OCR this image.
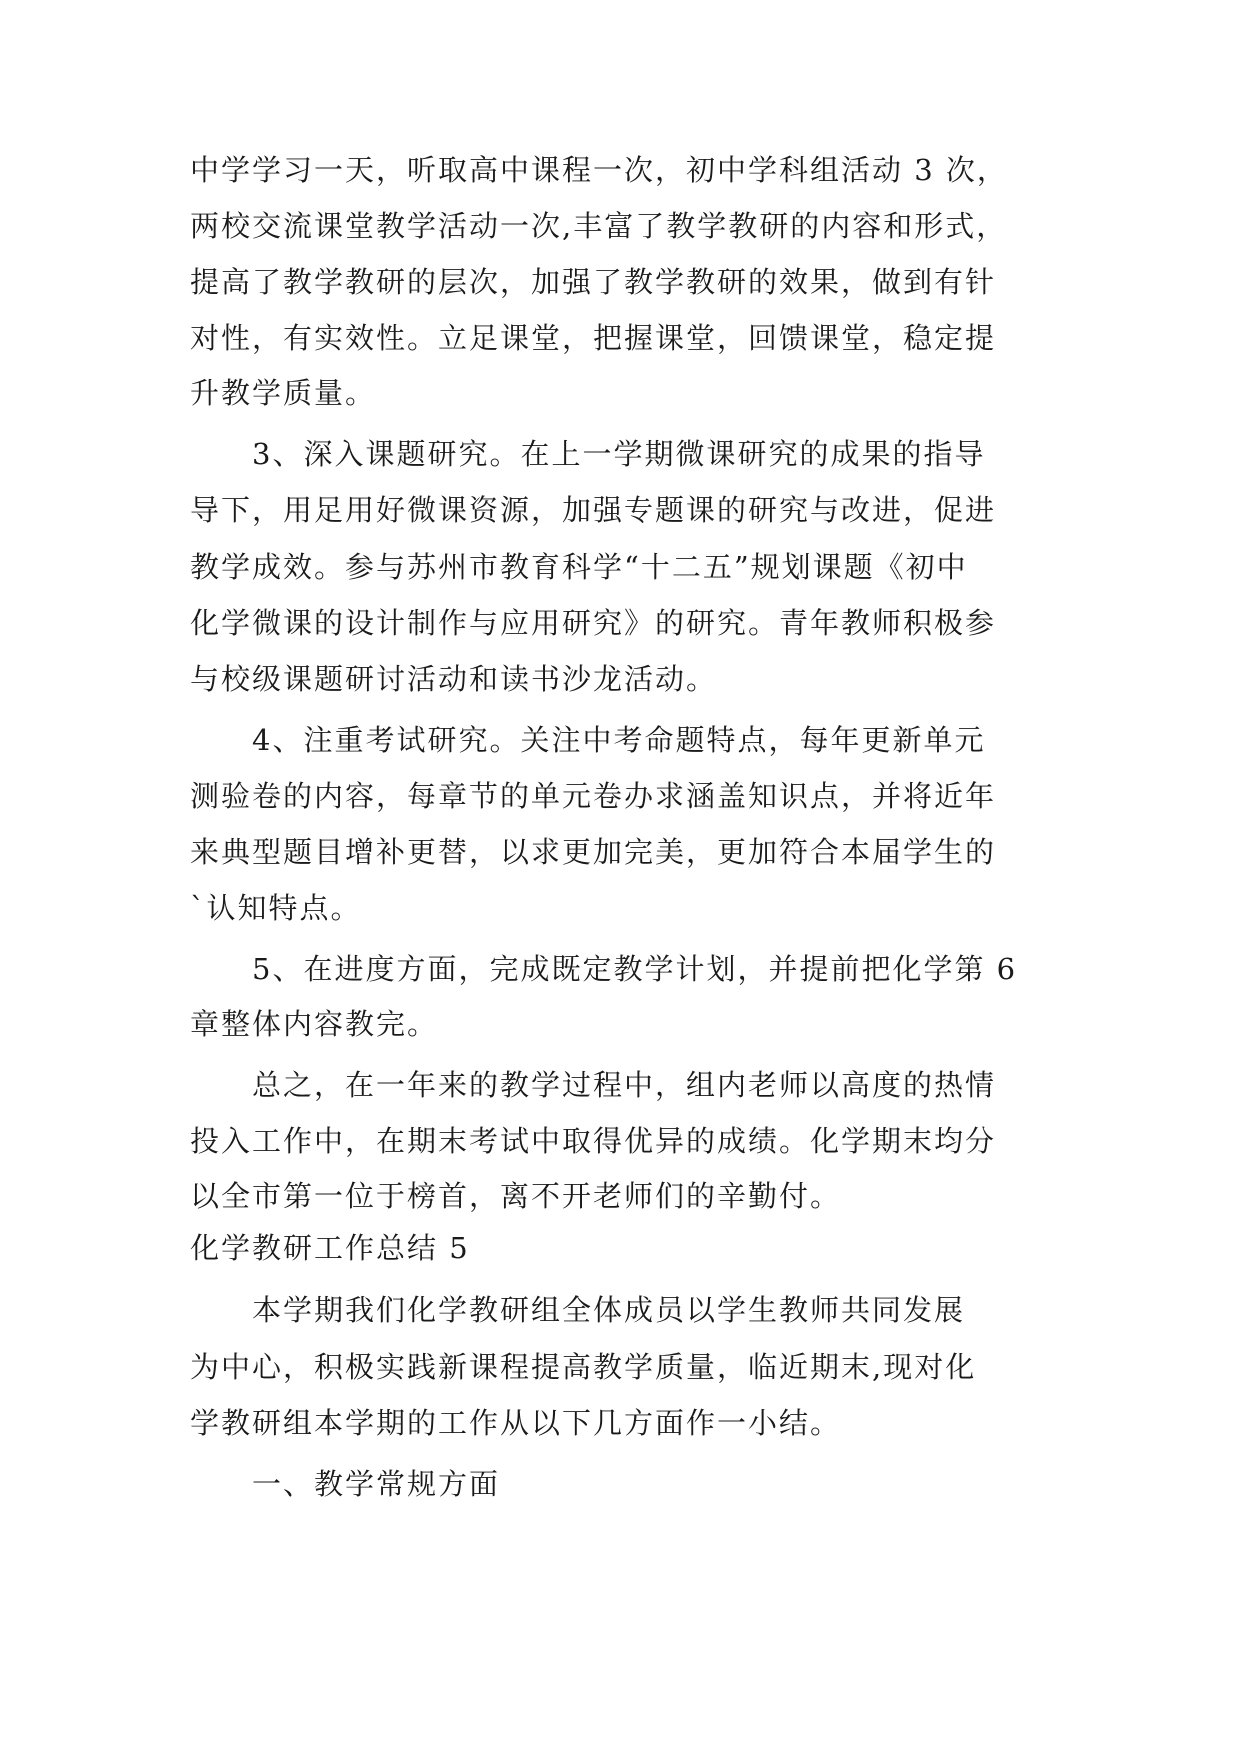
中学学习一天，听取高中课程一次，初中学科组活动 3 次，
两校交流课堂教学活动一次,丰富了教学教研的内容和形式，
提高了教学教研的层次，加强了教学教研的效果，做到有针
对性，有实效性。立足课堂，把握课堂，回馈课堂，稳定提
升教学质量。
3、深入课题研究。在上一学期微课研究的成果的指导
导下，用足用好微课资源，加强专题课的研究与改进，促进
教学成效。参与苏州市教育科学“十二五”规划课题《初中
化学微课的设计制作与应用研究》的研究。青年教师积极参
与校级课题研讨活动和读书沙龙活动。
4、注重考试研究。关注中考命题特点，每年更新单元
测验卷的内容，每章节的单元卷办求涵盖知识点，并将近年
来典型题目增补更替，以求更加完美，更加符合本届学生的
`认知特点。
5、在进度方面，完成既定教学计划，并提前把化学第 6
章整体内容教完。
总之，在一年来的教学过程中，组内老师以高度的热情
投入工作中，在期末考试中取得优异的成绩。化学期末均分
以全市第一位于榜首，离不开老师们的辛勤付。
化学教研工作总结 5
本学期我们化学教研组全体成员以学生教师共同发展
为中心，积极实践新课程提高教学质量，临近期末,现对化
学教研组本学期的工作从以下几方面作一小结。
一、教学常规方面
